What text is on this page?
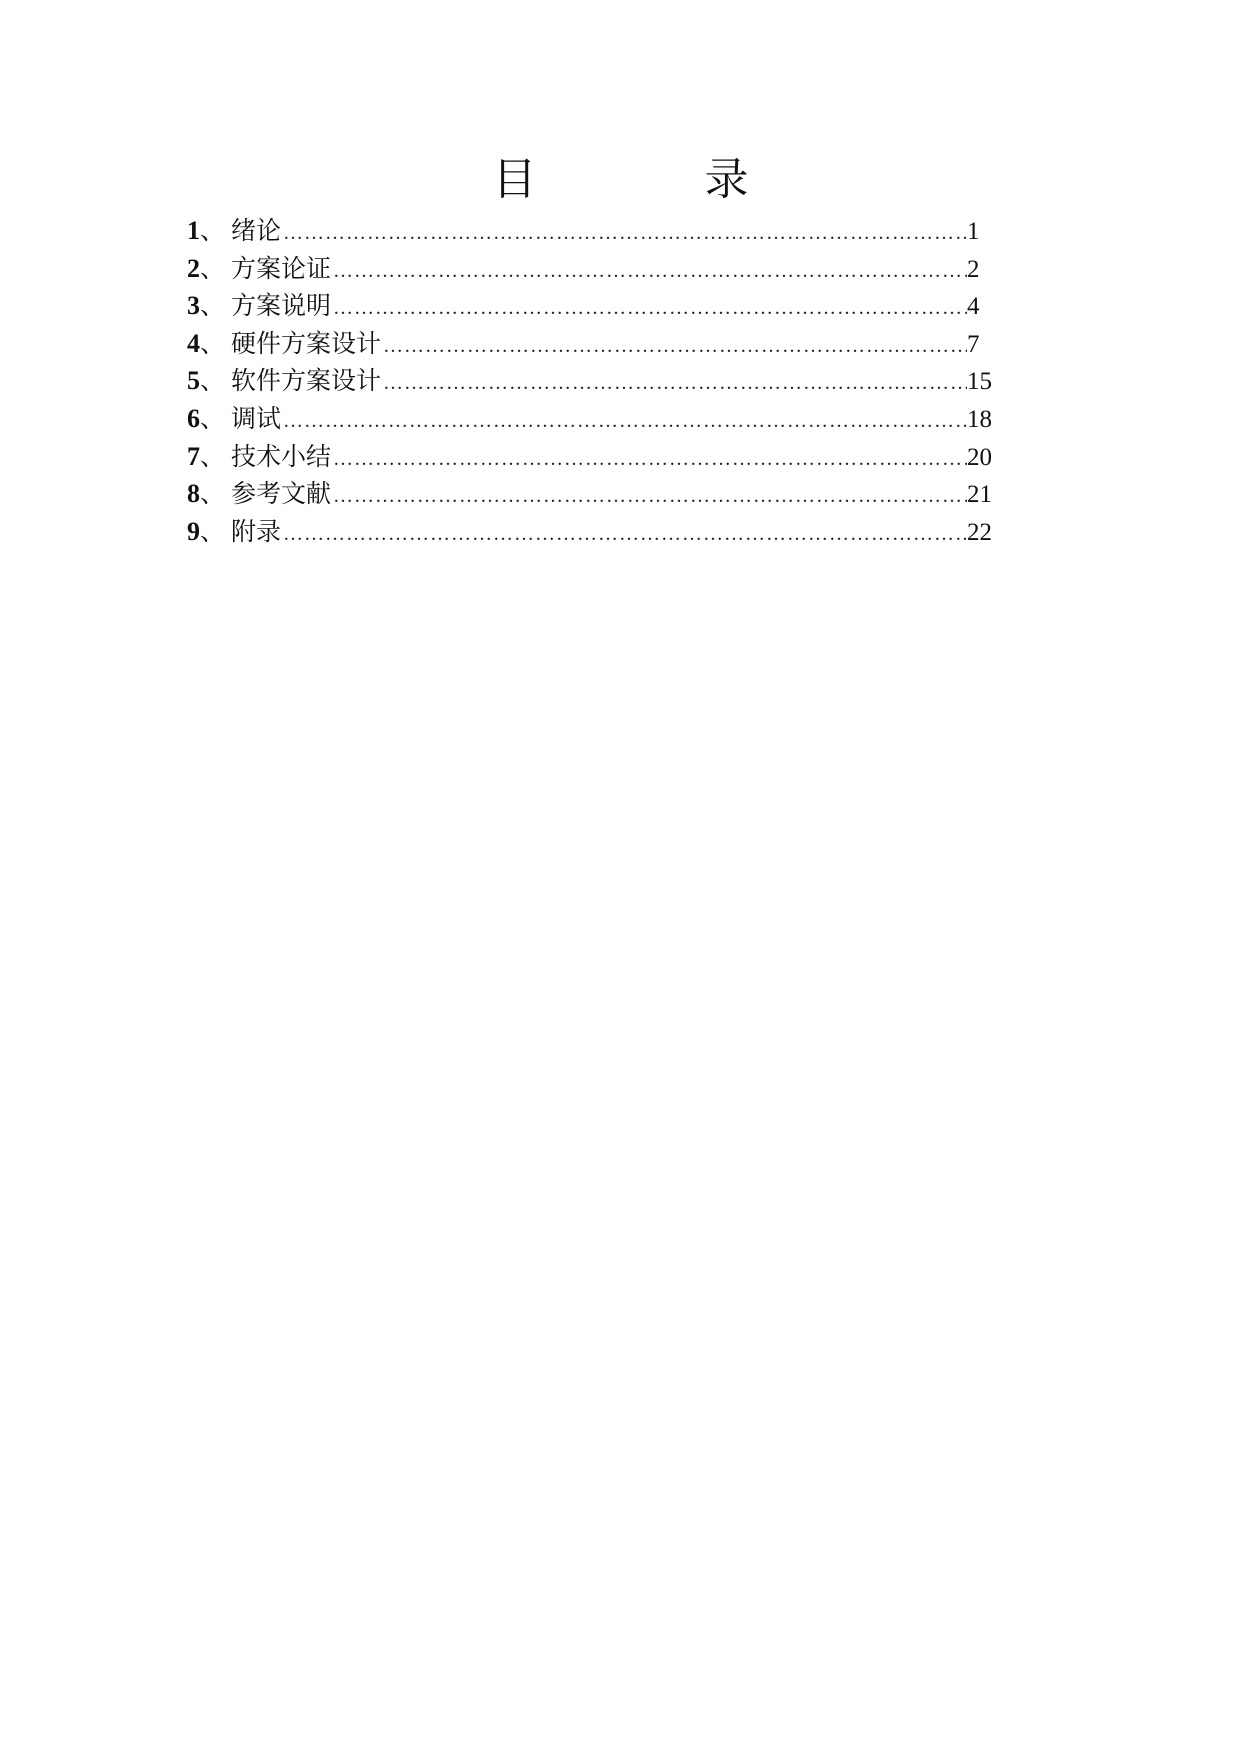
目　录
1 、 绪论 …………………………………………………………………………………………………………………………………………………………………………	1
2 、 方案论证 …………………………………………………………………………………………………………………………………………………………………………	2
3 、 方案说明 …………………………………………………………………………………………………………………………………………………………………………	4
4 、 硬件方案设计 …………………………………………………………………………………………………………………………………………………………………………	7
5 、 软件方案设计 …………………………………………………………………………………………………………………………………………………………………………	15
6 、 调试 …………………………………………………………………………………………………………………………………………………………………………	18
7 、 技术小结 …………………………………………………………………………………………………………………………………………………………………………	20
8 、 参考文献 …………………………………………………………………………………………………………………………………………………………………………	21
9 、 附录 …………………………………………………………………………………………………………………………………………………………………………	22
